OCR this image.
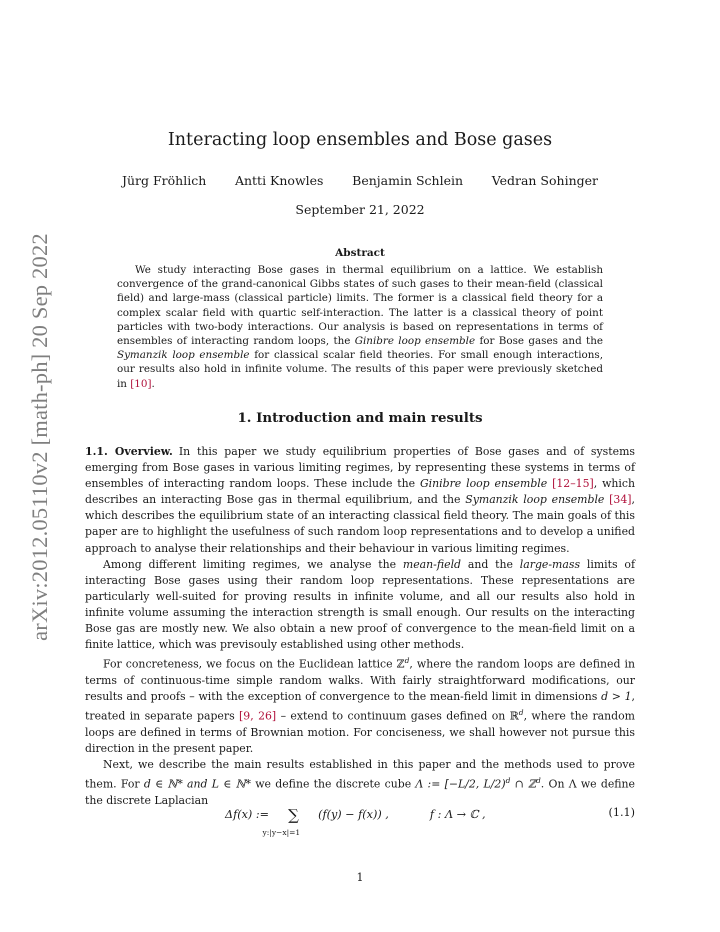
arXiv:2012.05110v2 [math-ph] 20 Sep 2022
Interacting loop ensembles and Bose gases
Jürg Fröhlich Antti Knowles Benjamin Schlein Vedran Sohinger
September 21, 2022
Abstract

We study interacting Bose gases in thermal equilibrium on a lattice. We establish convergence of the grand-canonical Gibbs states of such gases to their mean-field (classical field) and large-mass (classical particle) limits. The former is a classical field theory for a complex scalar field with quartic self-interaction. The latter is a classical theory of point particles with two-body interactions. Our analysis is based on representations in terms of ensembles of interacting random loops, the Ginibre loop ensemble for Bose gases and the Symanzik loop ensemble for classical scalar field theories. For small enough interactions, our results also hold in infinite volume. The results of this paper were previously sketched in [10].

1. Introduction and main results

1.1. Overview. In this paper we study equilibrium properties of Bose gases and of systems emerging from Bose gases in various limiting regimes, by representing these systems in terms of ensembles of interacting random loops. These include the Ginibre loop ensemble [12–15], which describes an interacting Bose gas in thermal equilibrium, and the Symanzik loop ensemble [34], which describes the equilibrium state of an interacting classical field theory. The main goals of this paper are to highlight the usefulness of such random loop representations and to develop a unified approach to analyse their relationships and their behaviour in various limiting regimes.

Among different limiting regimes, we analyse the mean-field and the large-mass limits of interacting Bose gases using their random loop representations. These representations are particularly well-suited for proving results in infinite volume, and all our results also hold in infinite volume assuming the interaction strength is small enough. Our results on the interacting Bose gas are mostly new. We also obtain a new proof of convergence to the mean-field limit on a finite lattice, which was previsouly established using other methods.

For concreteness, we focus on the Euclidean lattice ℤ$^d$, where the random loops are defined in terms of continuous-time simple random walks. With fairly straightforward modifications, our results and proofs – with the exception of convergence to the mean-field limit in dimensions d > 1, treated in separate papers [9, 26] – extend to continuum gases defined on ℝ$^d$, where the random loops are defined in terms of Brownian motion. For conciseness, we shall however not pursue this direction in the present paper.

Next, we describe the main results established in this paper and the methods used to prove them. For d ∈ ℕ* and L ∈ ℕ* we define the discrete cube Λ := [−L/2, L/2)$^d$ ∩ ℤ$^d$. On Λ we define the discrete Laplacian

Δf(x) := ∑
y:|y−x|=1
(f(y) − f(x)) ,	f : Λ → ℂ ,	(1.1)
1
